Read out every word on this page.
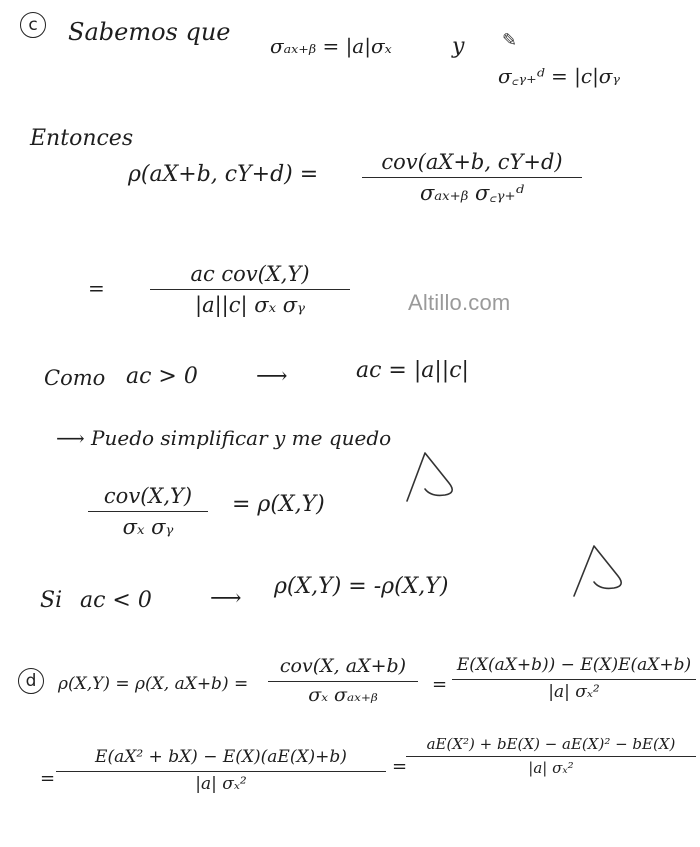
c Sabemos que σₐₓ₊ᵦ = |a|σₓ	y ✎
σ꜀ᵧ₊ᵈ = |c|σᵧ
Entonces
ρ(aX+b, cY+d) =	cov(aX+b, cY+d)
σₐₓ₊ᵦ σ꜀ᵧ₊ᵈ
=
ac cov(X,Y)
|a||c| σₓ σᵧ	Altillo.com
Como ac > 0	⟶	ac = |a||c|
⟶ Puedo simplificar y me quedo
cov(X,Y)
σₓ σᵧ
= ρ(X,Y)
Si ac < 0	⟶ ρ(X,Y) = -ρ(X,Y)
d ρ(X,Y) = ρ(X, aX+b) =
cov(X, aX+b)
σₓ σₐₓ₊ᵦ	=
E(X(aX+b)) − E(X)E(aX+b)
|a| σₓ²
=
E(aX² + bX) − E(X)(aE(X)+b)
|a| σₓ²
=
aE(X²) + bE(X) − aE(X)² − bE(X)
|a| σₓ²
